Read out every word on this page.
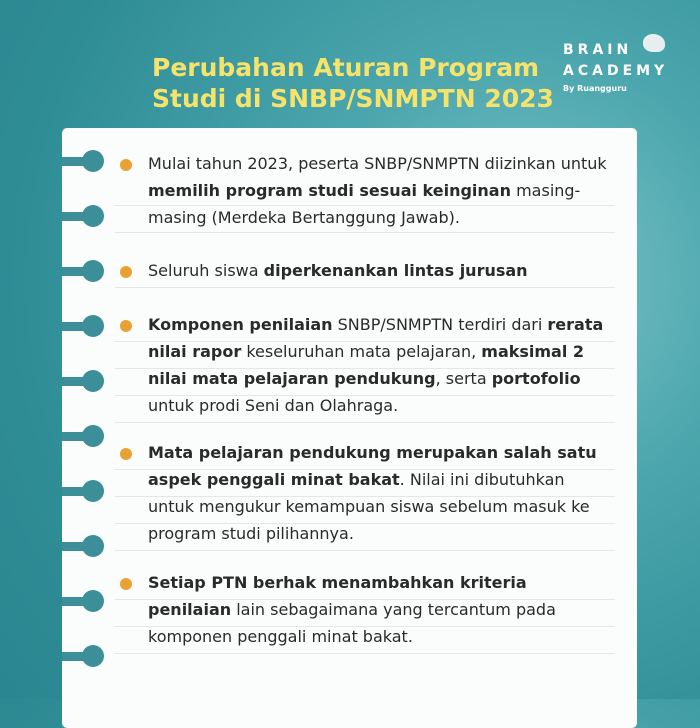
Perubahan Aturan Program
Studi di SNBP/SNMPTN 2023
BRAIN
ACADEMY
By Ruangguru
Mulai tahun 2023, peserta SNBP/SNMPTN diizinkan untuk memilih program studi sesuai keinginan masing-masing (Merdeka Bertanggung Jawab).
Seluruh siswa diperkenankan lintas jurusan
Komponen penilaian SNBP/SNMPTN terdiri dari rerata nilai rapor keseluruhan mata pelajaran, maksimal 2 nilai mata pelajaran pendukung, serta portofolio untuk prodi Seni dan Olahraga.
Mata pelajaran pendukung merupakan salah satu aspek penggali minat bakat. Nilai ini dibutuhkan untuk mengukur kemampuan siswa sebelum masuk ke program studi pilihannya.
Setiap PTN berhak menambahkan kriteria penilaian lain sebagaimana yang tercantum pada komponen penggali minat bakat.
